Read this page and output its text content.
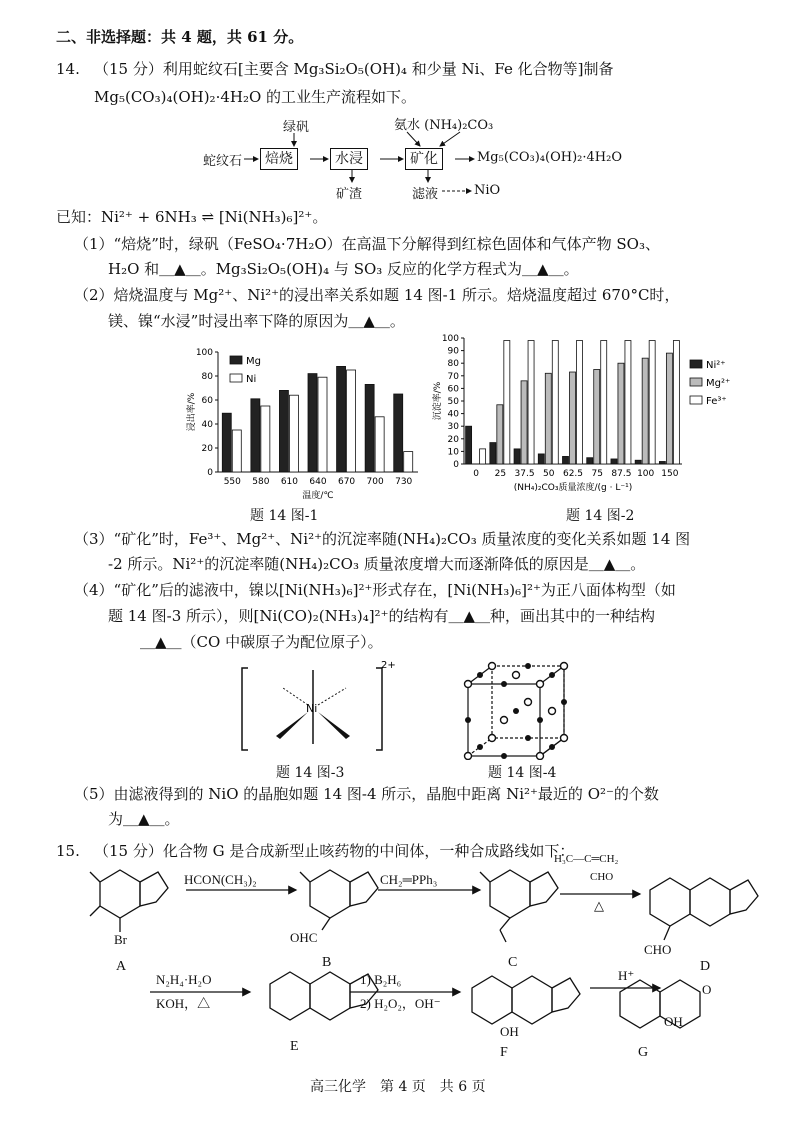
二、非选择题：共 4 题，共 61 分。
14. （15 分）利用蛇纹石[主要含 Mg₃Si₂O₅(OH)₄ 和少量 Ni、Fe 化合物等]制备
Mg₅(CO₃)₄(OH)₂·4H₂O 的工业生产流程如下。
绿矾	氨水 (NH₄)₂CO₃
蛇纹石	焙烧	水浸	矿化	Mg₅(CO₃)₄(OH)₂·4H₂O
矿渣	滤液	NiO
已知：Ni²⁺ + 6NH₃ ⇌ [Ni(NH₃)₆]²⁺。
（1）“焙烧”时，绿矾（FeSO₄·7H₂O）在高温下分解得到红棕色固体和气体产物 SO₃、
H₂O 和＿▲＿。Mg₃Si₂O₅(OH)₄ 与 SO₃ 反应的化学方程式为＿▲＿。
（2）焙烧温度与 Mg²⁺、Ni²⁺的浸出率关系如题 14 图-1 所示。焙烧温度超过 670°C时，
镁、镍“水浸”时浸出率下降的原因为＿▲＿。
0
20
40
60
80
100
550 580 610 640 670 700 730
温度/℃
浸出率/%
Mg
Ni
题 14 图-1
0
10
20
30
40
50
60
70
80
90
100
0 25 37.5 50 62.5 75 87.5 100 150
(NH₄)₂CO₃质量浓度/(g · L⁻¹)
沉淀率/%
Ni²⁺
Mg²⁺
Fe³⁺
题 14 图-2
（3）“矿化”时，Fe³⁺、Mg²⁺、Ni²⁺的沉淀率随(NH₄)₂CO₃ 质量浓度的变化关系如题 14 图
-2 所示。Ni²⁺的沉淀率随(NH₄)₂CO₃ 质量浓度增大而逐渐降低的原因是＿▲＿。
（4）“矿化”后的滤液中，镍以[Ni(NH₃)₆]²⁺形式存在，[Ni(NH₃)₆]²⁺为正八面体构型（如
题 14 图-3 所示），则[Ni(CO)₂(NH₃)₄]²⁺的结构有＿▲＿种，画出其中的一种结构
＿▲＿（CO 中碳原子为配位原子）。
Ni
2+
题 14 图-3	题 14 图-4
（5）由滤液得到的 NiO 的晶胞如题 14 图-4 所示，晶胞中距离 Ni²⁺最近的 O²⁻的个数
为＿▲＿。
15. （15 分）化合物 G 是合成新型止咳药物的中间体，一种合成路线如下：
HCON(CH₃)₂	CH₂═PPh₃
H₃C—C═CH₂
CHO
△
N₂H₄·H₂O
KOH，△
1) B₂H₆
2) H₂O₂，OH⁻
H⁺
Br	OHC
CHO
OH
OH
O
A	B	C	D
E	F	G
高三化学　第 4 页　共 6 页
